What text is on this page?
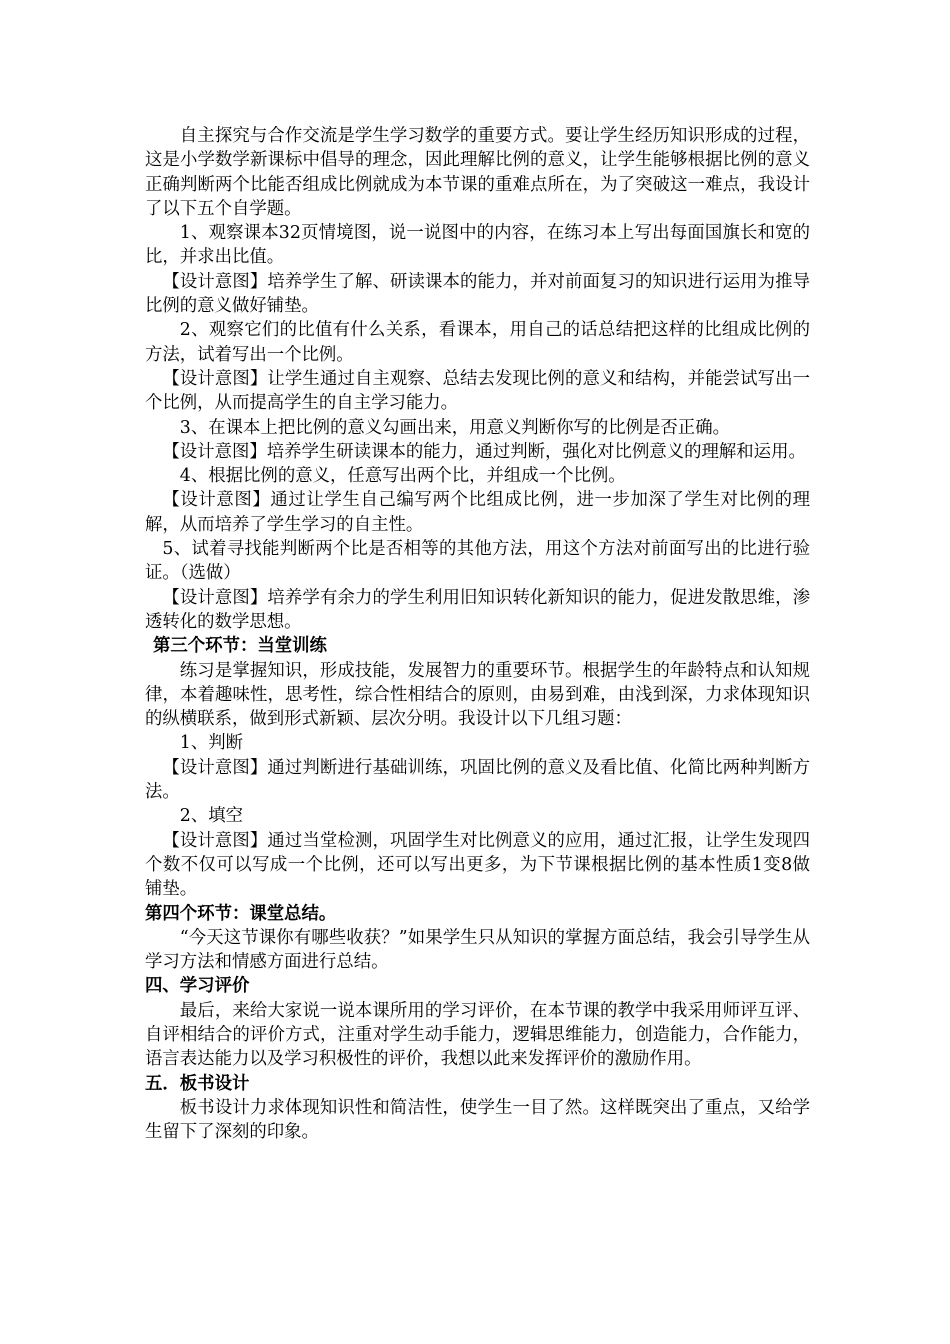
自主探究与合作交流是学生学习数学的重要方式。要让学生经历知识形成的过程，这是小学数学新课标中倡导的理念，因此理解比例的意义，让学生能够根据比例的意义正确判断两个比能否组成比例就成为本节课的重难点所在，为了突破这一难点，我设计了以下五个自学题。

1、观察课本32页情境图，说一说图中的内容，在练习本上写出每面国旗长和宽的比，并求出比值。

【设计意图】培养学生了解、研读课本的能力，并对前面复习的知识进行运用为推导比例的意义做好铺垫。

2、观察它们的比值有什么关系，看课本，用自己的话总结把这样的比组成比例的方法，试着写出一个比例。

【设计意图】让学生通过自主观察、总结去发现比例的意义和结构，并能尝试写出一个比例，从而提高学生的自主学习能力。

3、在课本上把比例的意义勾画出来，用意义判断你写的比例是否正确。

【设计意图】培养学生研读课本的能力，通过判断，强化对比例意义的理解和运用。

4、根据比例的意义，任意写出两个比，并组成一个比例。

【设计意图】通过让学生自己编写两个比组成比例，进一步加深了学生对比例的理解，从而培养了学生学习的自主性。

5、试着寻找能判断两个比是否相等的其他方法，用这个方法对前面写出的比进行验证。（选做）

【设计意图】培养学有余力的学生利用旧知识转化新知识的能力，促进发散思维，渗透转化的数学思想。

第三个环节：当堂训练

练习是掌握知识，形成技能，发展智力的重要环节。根据学生的年龄特点和认知规律，本着趣味性，思考性，综合性相结合的原则，由易到难，由浅到深，力求体现知识的纵横联系，做到形式新颖、层次分明。我设计以下几组习题：

1、判断

【设计意图】通过判断进行基础训练，巩固比例的意义及看比值、化简比两种判断方法。

2、填空

【设计意图】通过当堂检测，巩固学生对比例意义的应用，通过汇报，让学生发现四个数不仅可以写成一个比例，还可以写出更多，为下节课根据比例的基本性质1变8做铺垫。

第四个环节：课堂总结。

“今天这节课你有哪些收获？”如果学生只从知识的掌握方面总结，我会引导学生从学习方法和情感方面进行总结。

四、学习评价

最后，来给大家说一说本课所用的学习评价，在本节课的教学中我采用师评互评、自评相结合的评价方式，注重对学生动手能力，逻辑思维能力，创造能力，合作能力，语言表达能力以及学习积极性的评价，我想以此来发挥评价的激励作用。

五．板书设计

板书设计力求体现知识性和简洁性，使学生一目了然。这样既突出了重点，又给学生留下了深刻的印象。
